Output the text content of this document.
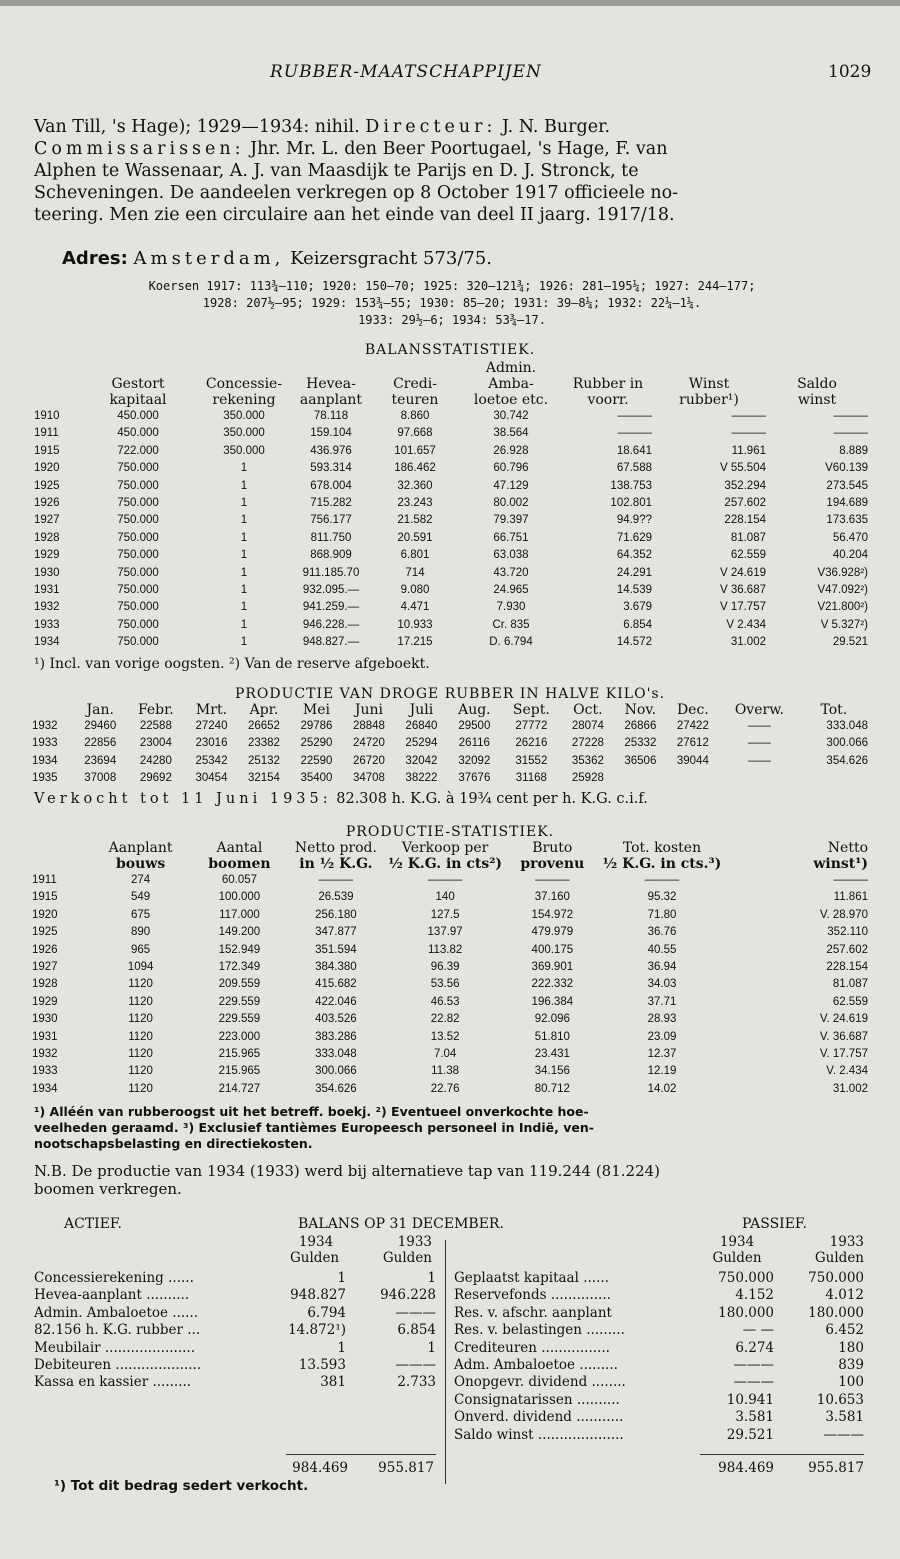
RUBBER-MAATSCHAPPIJEN	1029

Van Till, 's Hage); 1929—1934: nihil. Directeur: J. N. Burger.

Commissarissen: Jhr. Mr. L. den Beer Poortugael, 's Hage, F. van

Alphen te Wassenaar, A. J. van Maasdijk te Parijs en D. J. Stronck, te

Scheveningen. De aandeelen verkregen op 8 October 1917 officieele no-

teering. Men zie een circulaire aan het einde van deel II jaarg. 1917/18.

Adres: Amsterdam, Keizersgracht 573/75.
Koersen 1917: 113¾—110; 1920: 150—70; 1925: 320—121¾; 1926: 281—195¼; 1927: 244—177;
1928: 207½—95; 1929: 153¾—55; 1930: 85—20; 1931: 39—8¼; 1932: 22¼—1¼.
1933: 29½—6; 1934: 53¾—17.
BALANSSTATISTIEK.
					Admin.			
	Gestort	Concessie-	Hevea-	Credi-	Amba-	Rubber in	Winst	Saldo
	kapitaal	rekening	aanplant	teuren	loetoe etc.	voorr.	rubber¹)	winst
1910	450.000	350.000	78.118	8.860	30.742	———	———	———
1911	450.000	350.000	159.104	97.668	38.564	———	———	———
1915	722.000	350.000	436.976	101.657	26.928	18.641	11.961	8.889
1920	750.000	1	593.314	186.462	60.796	67.588	V 55.504	V60.139
1925	750.000	1	678.004	32.360	47.129	138.753	352.294	273.545
1926	750.000	1	715.282	23.243	80.002	102.801	257.602	194.689
1927	750.000	1	756.177	21.582	79.397	94.9??	228.154	173.635
1928	750.000	1	811.750	20.591	66.751	71.629	81.087	56.470
1929	750.000	1	868.909	6.801	63.038	64.352	62.559	40.204
1930	750.000	1	911.185.70	714	43.720	24.291	V 24.619	V36.928²)
1931	750.000	1	932.095.—	9.080	24.965	14.539	V 36.687	V47.092²)
1932	750.000	1	941.259.—	4.471	7.930	3.679	V 17.757	V21.800²)
1933	750.000	1	946.228.—	10.933	Cr. 835	6.854	V 2.434	V 5.327²)
1934	750.000	1	948.827.—	17.215	D. 6.794	14.572	31.002	29.521
¹) Incl. van vorige oogsten. ²) Van de reserve afgeboekt.
PRODUCTIE VAN DROGE RUBBER IN HALVE KILO's.
	Jan.	Febr.	Mrt.	Apr.	Mei	Juni	Juli	Aug.	Sept.	Oct.	Nov.	Dec.	Overw.	Tot.
1932	29460	22588	27240	26652	29786	28848	26840	29500	27772	28074	26866	27422	——	333.048
1933	22856	23004	23016	23382	25290	24720	25294	26116	26216	27228	25332	27612	——	300.066
1934	23694	24280	25342	25132	22590	26720	32042	32092	31552	35362	36506	39044	——	354.626
1935	37008	29692	30454	32154	35400	34708	38222	37676	31168	25928				
Verkocht tot 11 Juni 1935: 82.308 h. K.G. à 19¾ cent per h. K.G. c.i.f.
PRODUCTIE-STATISTIEK.
	Aanplant	Aantal	Netto prod.	Verkoop per	Bruto	Tot. kosten	Netto
	bouws	boomen	in ½ K.G.	½ K.G. in cts²)	provenu	½ K.G. in cts.³)	winst¹)
1911	274	60.057	———	———	———	———	———
1915	549	100.000	26.539	140	37.160	95.32	11.861
1920	675	117.000	256.180	127.5	154.972	71.80	V. 28.970
1925	890	149.200	347.877	137.97	479.979	36.76	352.110
1926	965	152.949	351.594	113.82	400.175	40.55	257.602
1927	1094	172.349	384.380	96.39	369.901	36.94	228.154
1928	1120	209.559	415.682	53.56	222.332	34.03	81.087
1929	1120	229.559	422.046	46.53	196.384	37.71	62.559
1930	1120	229.559	403.526	22.82	92.096	28.93	V. 24.619
1931	1120	223.000	383.286	13.52	51.810	23.09	V. 36.687
1932	1120	215.965	333.048	7.04	23.431	12.37	V. 17.757
1933	1120	215.965	300.066	11.38	34.156	12.19	V. 2.434
1934	1120	214.727	354.626	22.76	80.712	14.02	31.002
¹) Alléén van rubberoogst uit het betreff. boekj. ²) Eventueel onverkochte hoe-
veelheden geraamd. ³) Exclusief tantièmes Europeesch personeel in Indië, ven-
nootschapsbelasting en directiekosten.
N.B. De productie van 1934 (1933) werd bij alternatieve tap van 119.244 (81.224)
boomen verkregen.
ACTIEF.	BALANS OP 31 DECEMBER.	PASSIEF.
1934	1933
Gulden	Gulden
1934	1933
Gulden	Gulden
Concessierekening ......	1	1
Hevea-aanplant ..........	948.827	946.228
Admin. Ambaloetoe ......	6.794	———
82.156 h. K.G. rubber ...	14.872¹)	6.854
Meubilair .....................	1	1
Debiteuren ....................	13.593	———
Kassa en kassier .........	381	2.733
Geplaatst kapitaal ......	750.000	750.000
Reservefonds ..............	4.152	4.012
Res. v. afschr. aanplant	180.000	180.000
Res. v. belastingen .........	— —	6.452
Crediteuren ................	6.274	180
Adm. Ambaloetoe .........	———	839
Onopgevr. dividend ........	———	100
Consignatarissen ..........	10.941	10.653
Onverd. dividend ...........	3.581	3.581
Saldo winst ....................	29.521	———
984.469	955.817	984.469	955.817
¹) Tot dit bedrag sedert verkocht.
